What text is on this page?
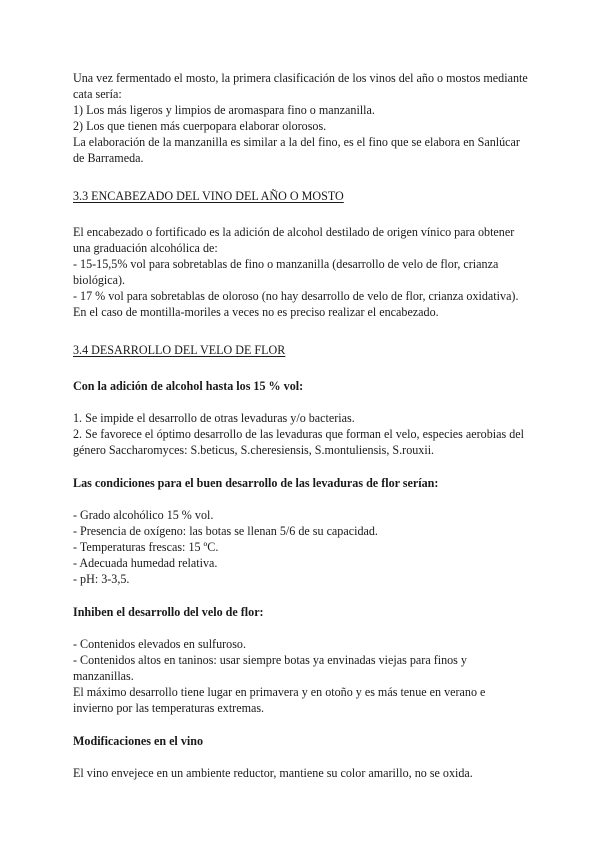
Una vez fermentado el mosto, la primera clasificación de los vinos del año o mostos mediante

cata sería:

1) Los más ligeros y limpios de aromaspara fino o manzanilla.

2) Los que tienen más cuerpopara elaborar olorosos.

La elaboración de la manzanilla es similar a la del fino, es el fino que se elabora en Sanlúcar

de Barrameda.

3.3 ENCABEZADO DEL VINO DEL AÑO O MOSTO

El encabezado o fortificado es la adición de alcohol destilado de origen vínico para obtener

una graduación alcohólica de:

- 15-15,5% vol para sobretablas de fino o manzanilla (desarrollo de velo de flor, crianza

biológica).

- 17 % vol para sobretablas de oloroso (no hay desarrollo de velo de flor, crianza oxidativa).

En el caso de montilla-moriles a veces no es preciso realizar el encabezado.

3.4 DESARROLLO DEL VELO DE FLOR

Con la adición de alcohol hasta los 15 % vol:

1. Se impide el desarrollo de otras levaduras y/o bacterias.

2. Se favorece el óptimo desarrollo de las levaduras que forman el velo, especies aerobias del

género Saccharomyces: S.beticus, S.cheresiensis, S.montuliensis, S.rouxii.

Las condiciones para el buen desarrollo de las levaduras de flor serían:

- Grado alcohólico 15 % vol.

- Presencia de oxígeno: las botas se llenan 5/6 de su capacidad.

- Temperaturas frescas: 15 ºC.

- Adecuada humedad relativa.

- pH: 3-3,5.

Inhiben el desarrollo del velo de flor:

- Contenidos elevados en sulfuroso.

- Contenidos altos en taninos: usar siempre botas ya envinadas viejas para finos y

manzanillas.

El máximo desarrollo tiene lugar en primavera y en otoño y es más tenue en verano e

invierno por las temperaturas extremas.

Modificaciones en el vino

El vino envejece en un ambiente reductor, mantiene su color amarillo, no se oxida.
